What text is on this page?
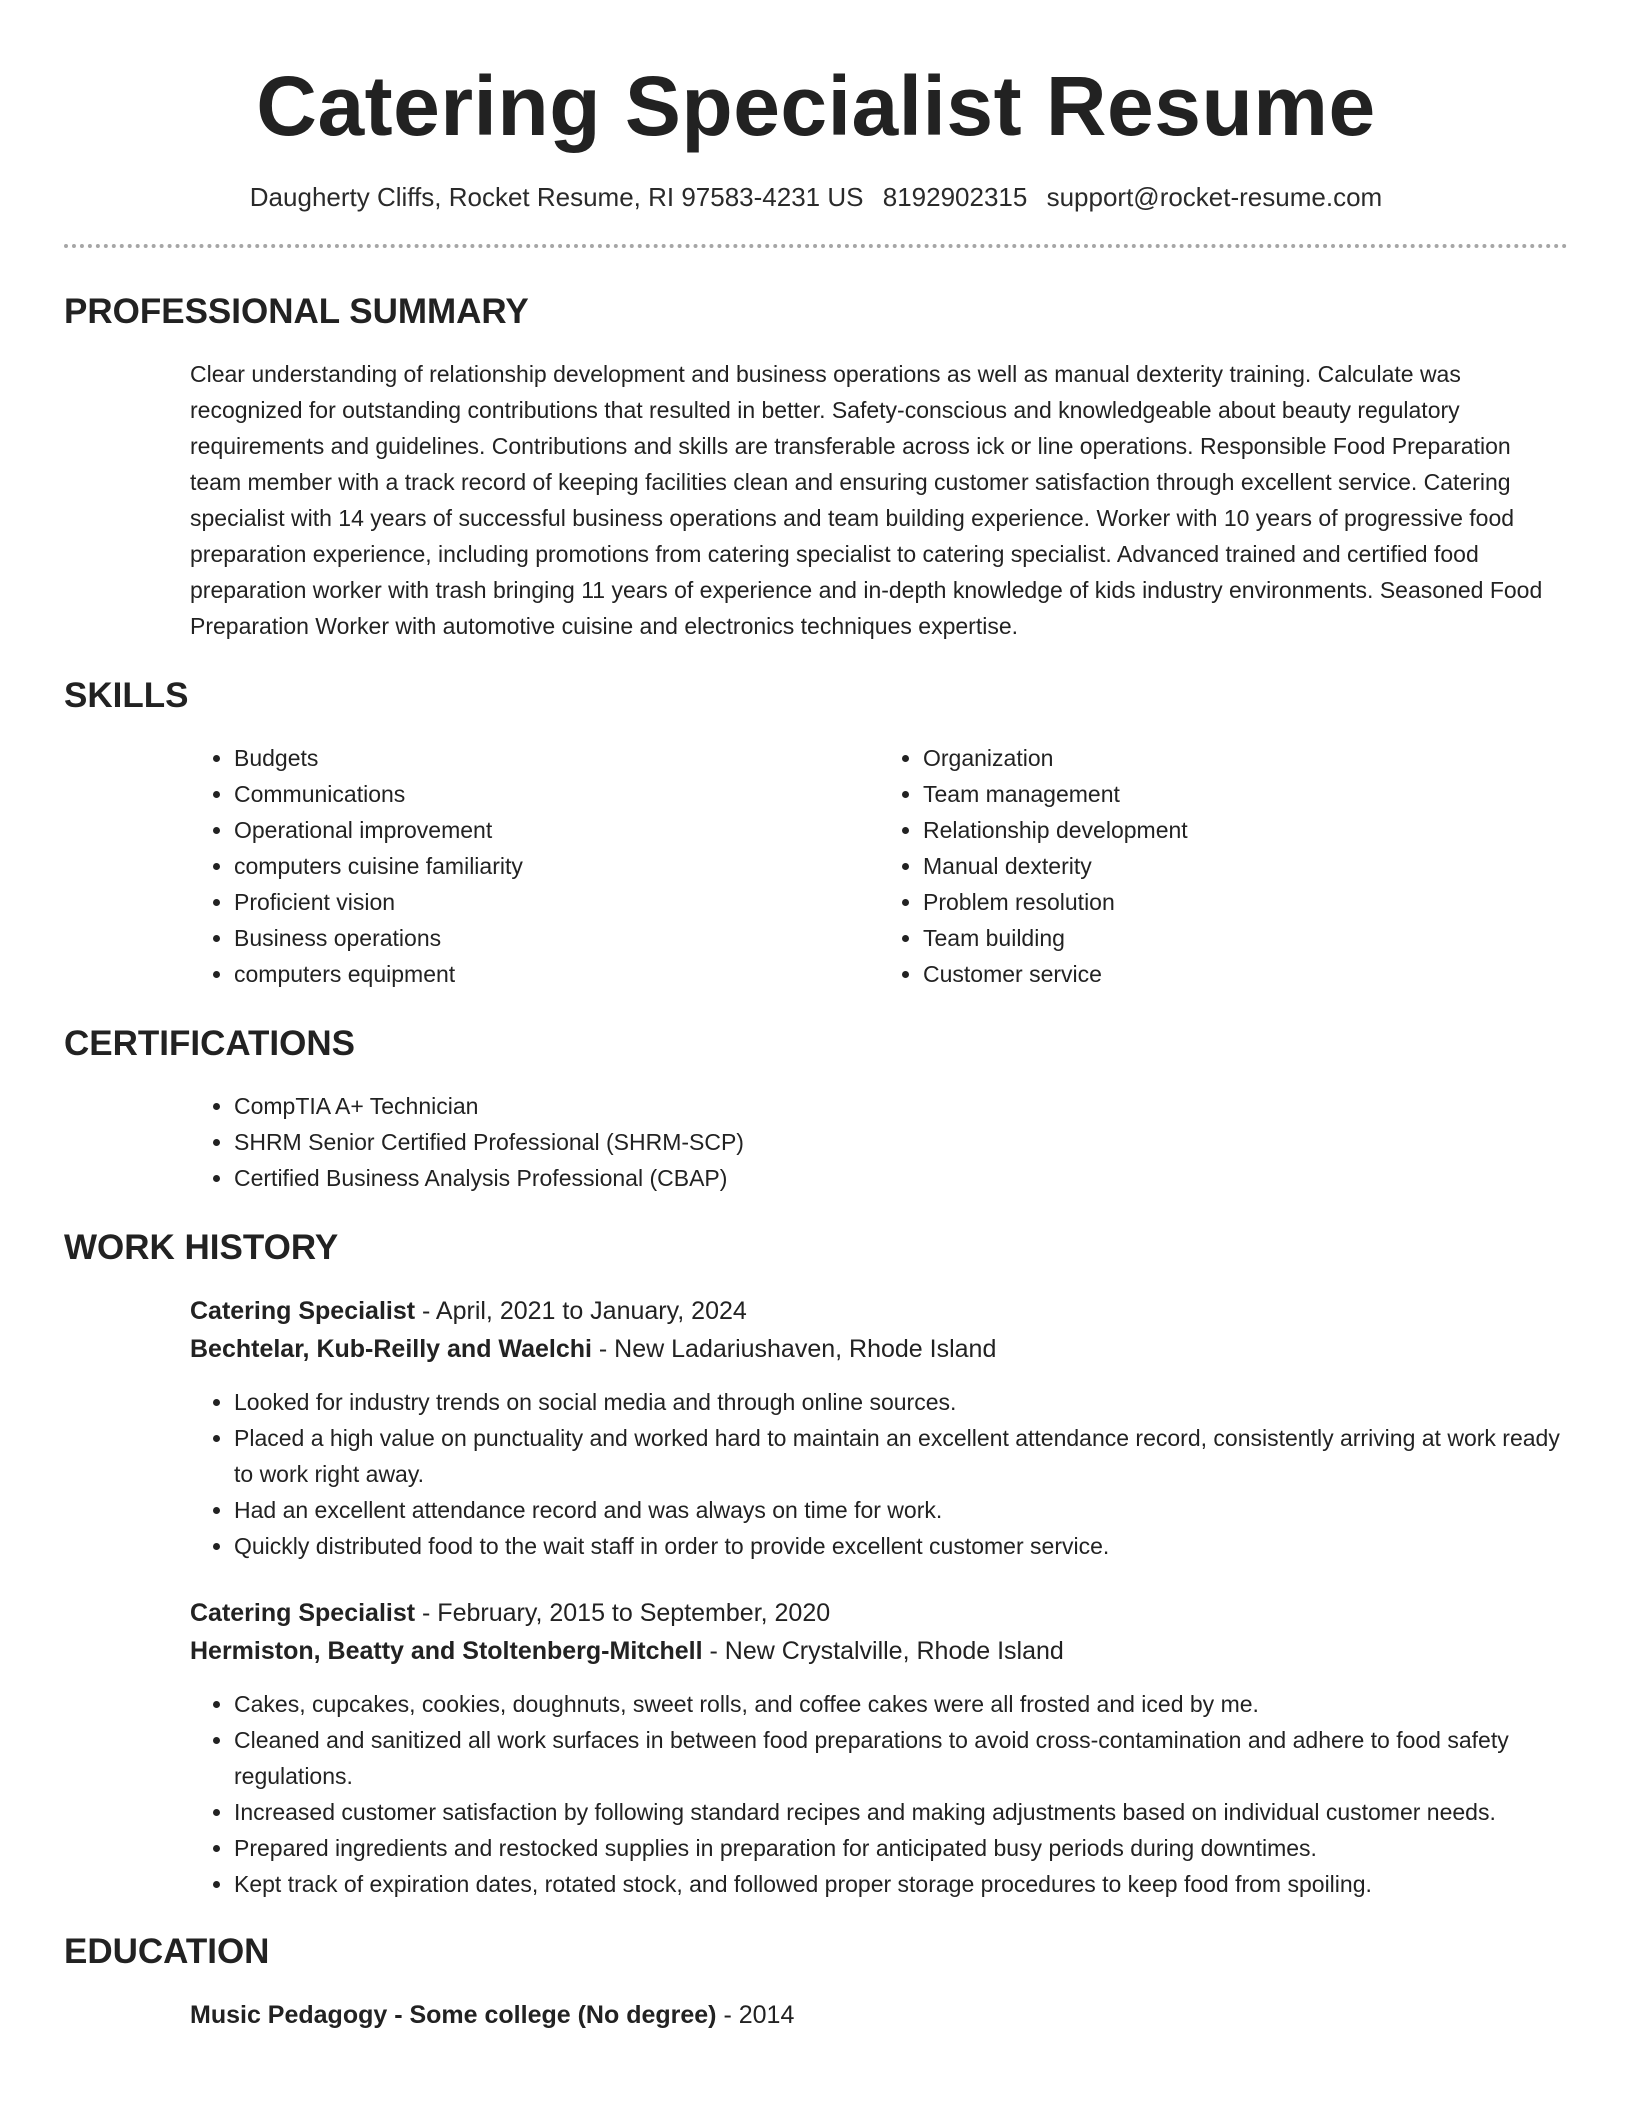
Catering Specialist Resume
Daugherty Cliffs, Rocket Resume, RI 97583-4231 US 8192902315 support@rocket-resume.com
PROFESSIONAL SUMMARY

Clear understanding of relationship development and business operations as well as manual dexterity training. Calculate was recognized for outstanding contributions that resulted in better. Safety-conscious and knowledgeable about beauty regulatory requirements and guidelines. Contributions and skills are transferable across ick or line operations. Responsible Food Preparation team member with a track record of keeping facilities clean and ensuring customer satisfaction through excellent service. Catering specialist with 14 years of successful business operations and team building experience. Worker with 10 years of progressive food preparation experience, including promotions from catering specialist to catering specialist. Advanced trained and certified food preparation worker with trash bringing 11 years of experience and in-depth knowledge of kids industry environments. Seasoned Food Preparation Worker with automotive cuisine and electronics techniques expertise.

SKILLS
• Budgets
• Communications
• Operational improvement
• computers cuisine familiarity
• Proficient vision
• Business operations
• computers equipment
• Organization
• Team management
• Relationship development
• Manual dexterity
• Problem resolution
• Team building
• Customer service
CERTIFICATIONS
• CompTIA A+ Technician
• SHRM Senior Certified Professional (SHRM-SCP)
• Certified Business Analysis Professional (CBAP)
WORK HISTORY
Catering Specialist - April, 2021 to January, 2024
Bechtelar, Kub-Reilly and Waelchi - New Ladariushaven, Rhode Island
• Looked for industry trends on social media and through online sources.
• Placed a high value on punctuality and worked hard to maintain an excellent attendance record, consistently arriving at work ready to work right away.
• Had an excellent attendance record and was always on time for work.
• Quickly distributed food to the wait staff in order to provide excellent customer service.
Catering Specialist - February, 2015 to September, 2020
Hermiston, Beatty and Stoltenberg-Mitchell - New Crystalville, Rhode Island
• Cakes, cupcakes, cookies, doughnuts, sweet rolls, and coffee cakes were all frosted and iced by me.
• Cleaned and sanitized all work surfaces in between food preparations to avoid cross-contamination and adhere to food safety regulations.
• Increased customer satisfaction by following standard recipes and making adjustments based on individual customer needs.
• Prepared ingredients and restocked supplies in preparation for anticipated busy periods during downtimes.
• Kept track of expiration dates, rotated stock, and followed proper storage procedures to keep food from spoiling.
EDUCATION
Music Pedagogy - Some college (No degree) - 2014
